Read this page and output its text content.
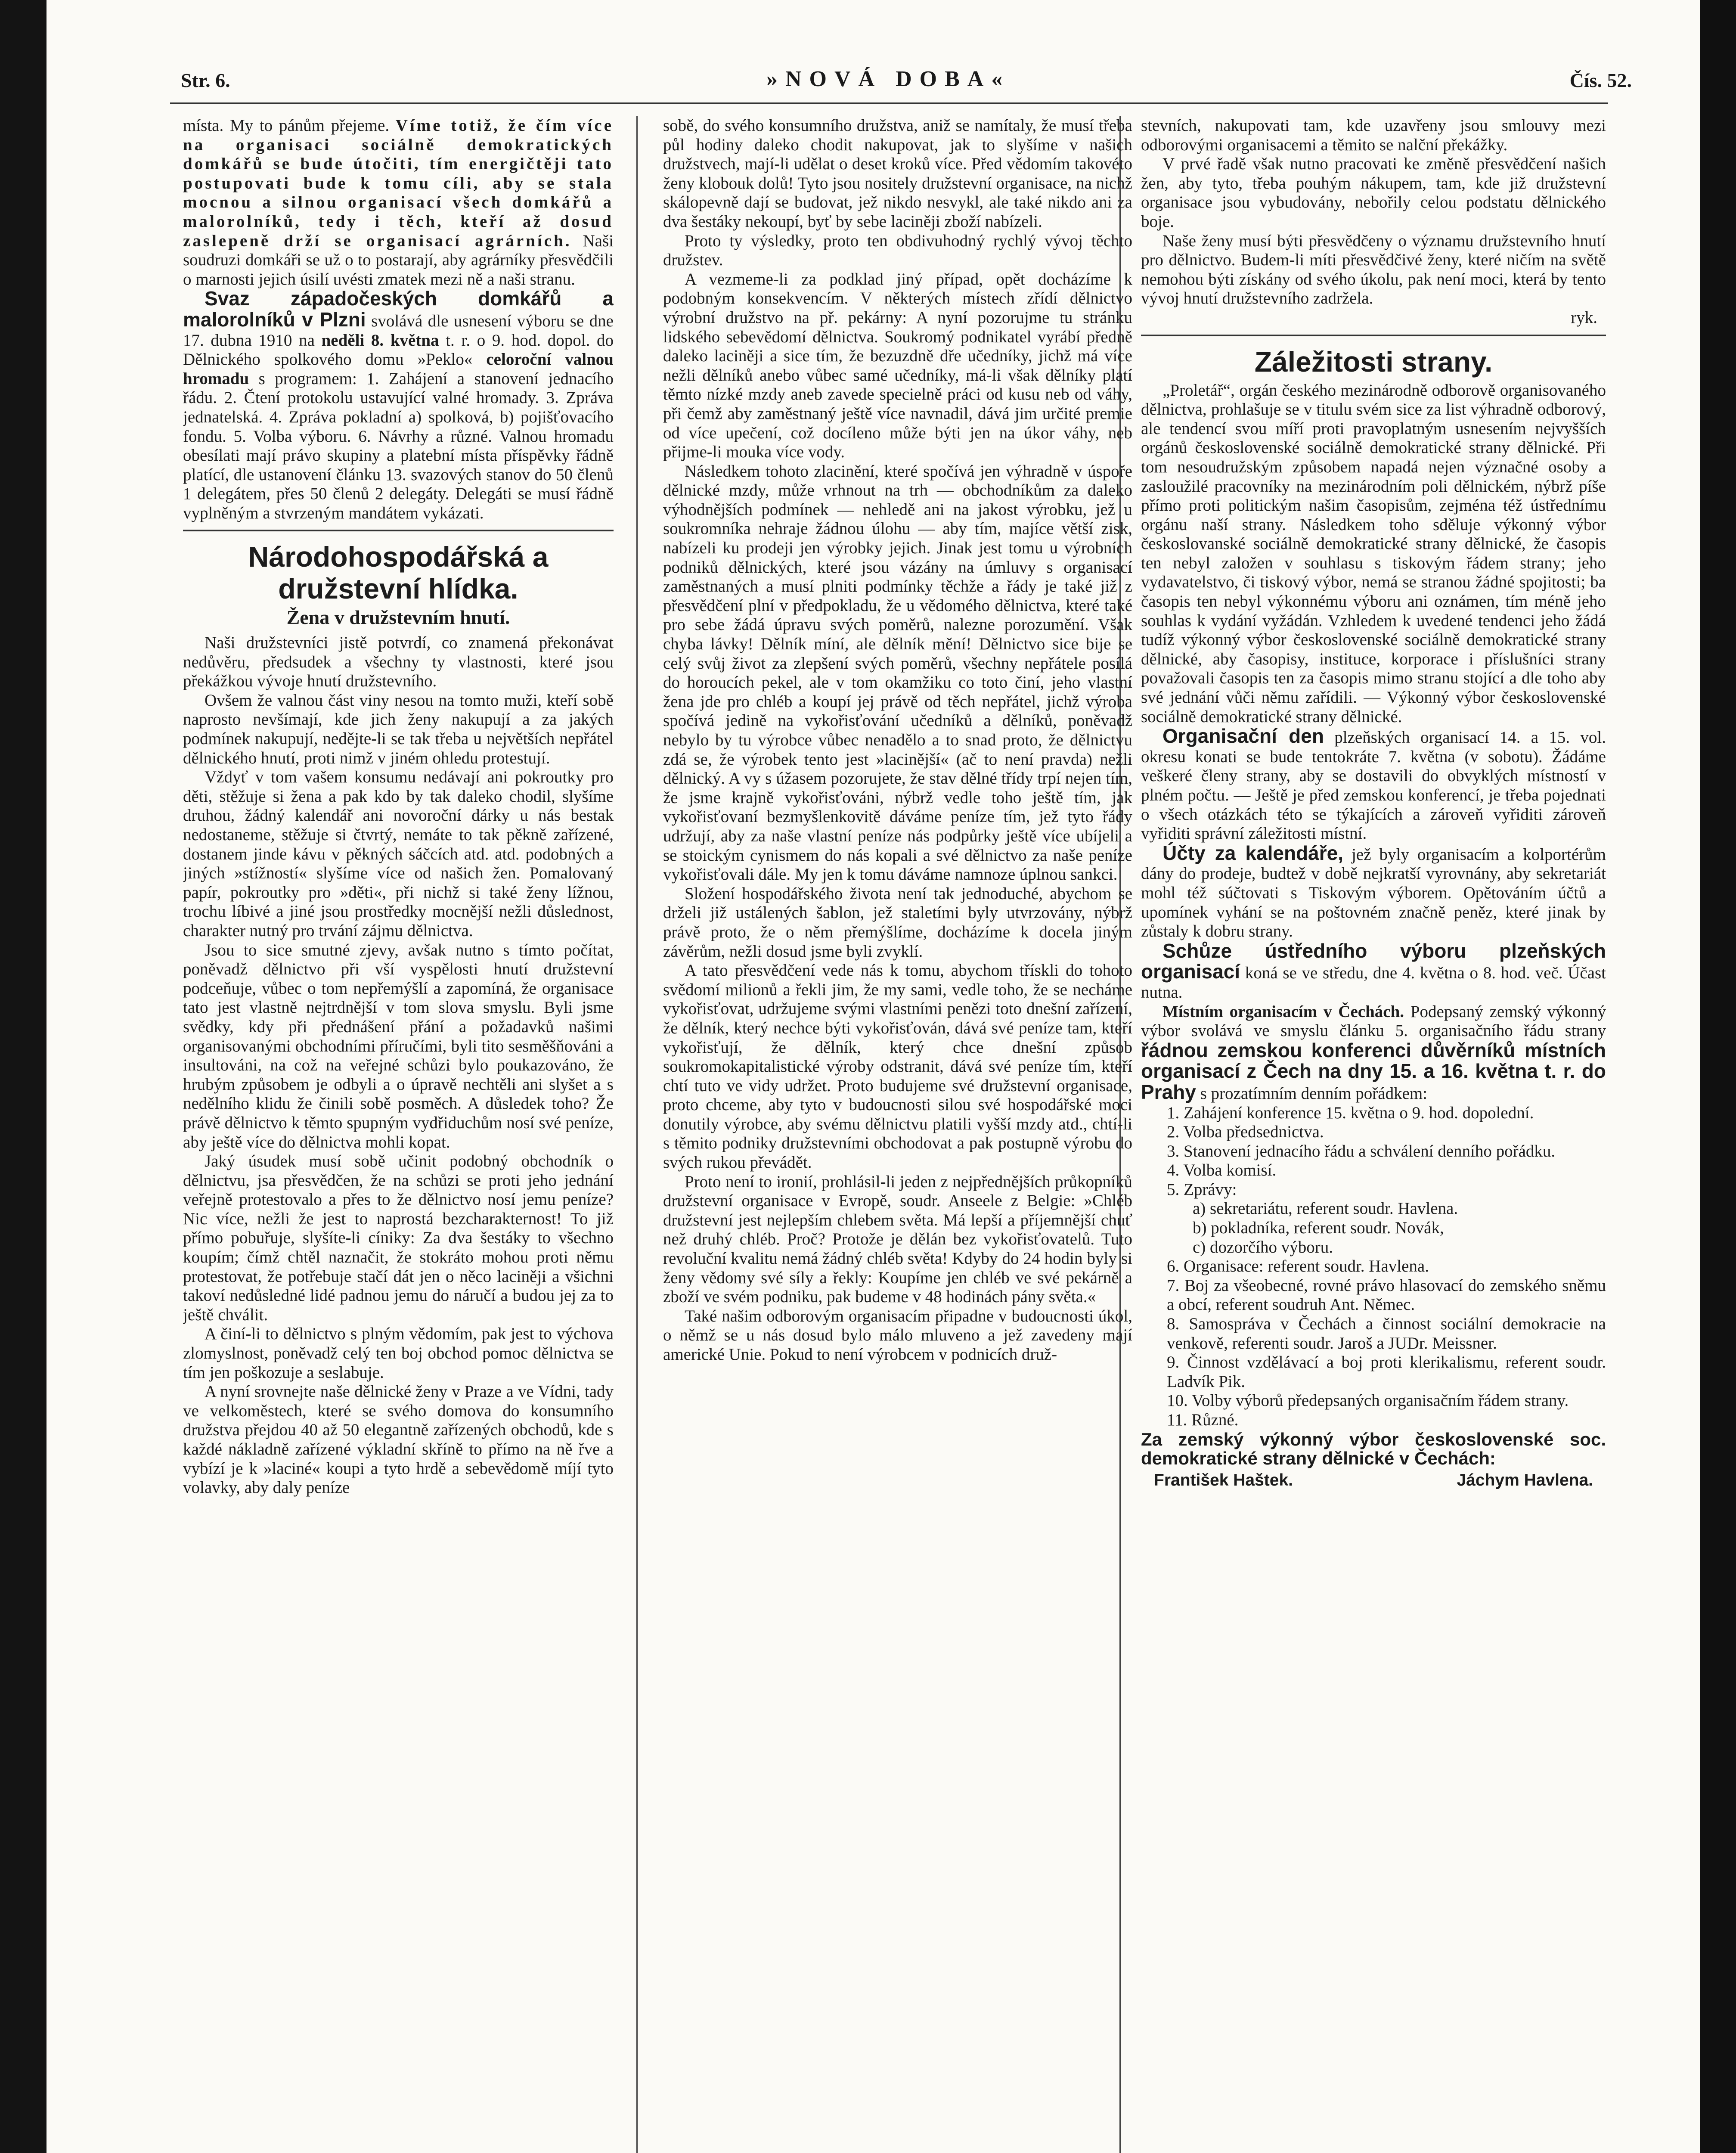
Str. 6.	»NOVÁ DOBA«	Čís. 52.

místa. My to pánům přejeme. Víme totiž, že čím více na organisaci sociálně demokratických domkářů se bude útočiti, tím energičtěji tato postupovati bude k tomu cíli, aby se stala mocnou a silnou organisací všech domkářů a malorolníků, tedy i těch, kteří až dosud zaslepeně drží se organisací agrárních. Naši soudruzi domkáři se už o to postarají, aby agrárníky přesvědčili o marnosti jejich úsilí uvésti zmatek mezi ně a naši stranu.

Svaz západočeských domkářů a malorolníků v Plzni svolává dle usnesení výboru se dne 17. dubna 1910 na neděli 8. května t. r. o 9. hod. dopol. do Dělnického spolkového domu »Peklo« celoroční valnou hromadu s programem: 1. Zahájení a stanovení jednacího řádu. 2. Čtení protokolu ustavující valné hromady. 3. Zpráva jednatelská. 4. Zpráva pokladní a) spolková, b) pojišťovacího fondu. 5. Volba výboru. 6. Návrhy a různé. Valnou hromadu obesílati mají právo skupiny a platební místa příspěvky řádně platící, dle ustanovení článku 13. svazových stanov do 50 členů 1 delegátem, přes 50 členů 2 delegáty. Delegáti se musí řádně vyplněným a stvrzeným mandátem vykázati.

Národohospodářská a družstevní hlídka.
Žena v družstevním hnutí.

Naši družstevníci jistě potvrdí, co znamená překonávat nedůvěru, předsudek a všechny ty vlastnosti, které jsou překážkou vývoje hnutí družstevního.

Ovšem že valnou část viny nesou na tomto muži, kteří sobě naprosto nevšímají, kde jich ženy nakupují a za jakých podmínek nakupují, nedějte-li se tak třeba u největších nepřátel dělnického hnutí, proti nimž v jiném ohledu protestují.

Vždyť v tom vašem konsumu nedávají ani pokroutky pro děti, stěžuje si žena a pak kdo by tak daleko chodil, slyšíme druhou, žádný kalendář ani novoroční dárky u nás bestak nedostaneme, stěžuje si čtvrtý, nemáte to tak pěkně zařízené, dostanem jinde kávu v pěkných sáčcích atd. atd. podobných a jiných »stížností« slyšíme více od našich žen. Pomalovaný papír, pokroutky pro »děti«, při nichž si také ženy lížnou, trochu líbivé a jiné jsou prostředky mocnější nežli důslednost, charakter nutný pro trvání zájmu dělnictva.

Jsou to sice smutné zjevy, avšak nutno s tímto počítat, poněvadž dělnictvo při vší vyspělosti hnutí družstevní podceňuje, vůbec o tom nepřemýšlí a zapomíná, že organisace tato jest vlastně nejtrdnější v tom slova smyslu. Byli jsme svědky, kdy při přednášení přání a požadavků našimi organisovanými obchodními příručími, byli tito sesměšňováni a insultováni, na což na veřejné schůzi bylo poukazováno, že hrubým způsobem je odbyli a o úpravě nechtěli ani slyšet a s nedělního klidu že činili sobě posměch. A důsledek toho? Že právě dělnictvo k těmto spupným vydřiduchům nosí své peníze, aby ještě více do dělnictva mohli kopat.

Jaký úsudek musí sobě učinit podobný obchodník o dělnictvu, jsa přesvědčen, že na schůzi se proti jeho jednání veřejně protestovalo a přes to že dělnictvo nosí jemu peníze? Nic více, nežli že jest to naprostá bezcharakternost! To již přímo pobuřuje, slyšíte-li cíniky: Za dva šestáky to všechno koupím; čímž chtěl naznačit, že stokráto mohou proti němu protestovat, že potřebuje stačí dát jen o něco laciněji a všichni takoví nedůsledné lidé padnou jemu do náručí a budou jej za to ještě chválit.

A činí-li to dělnictvo s plným vědomím, pak jest to výchova zlomyslnost, poněvadž celý ten boj obchod pomoc dělnictva se tím jen poškozuje a seslabuje.

A nyní srovnejte naše dělnické ženy v Praze a ve Vídni, tady ve velkoměstech, které se svého domova do konsumního družstva přejdou 40 až 50 elegantně zařízených obchodů, kde s každé nákladně zařízené výkladní skříně to přímo na ně řve a vybízí je k »laciné« koupi a tyto hrdě a sebevědomě míjí tyto volavky, aby daly peníze

sobě, do svého konsumního družstva, aniž se namítaly, že musí třeba půl hodiny daleko chodit nakupovat, jak to slyšíme v našich družstvech, mají-li udělat o deset kroků více. Před vědomím takovéto ženy klobouk dolů! Tyto jsou nositely družstevní organisace, na nichž skálopevně dají se budovat, jež nikdo nesvykl, ale také nikdo ani za dva šestáky nekoupí, byť by sebe laciněji zboží nabízeli.

Proto ty výsledky, proto ten obdivuhodný rychlý vývoj těchto družstev.

A vezmeme-li za podklad jiný případ, opět docházíme k podobným konsekvencím. V některých místech zřídí dělnictvo výrobní družstvo na př. pekárny: A nyní pozorujme tu stránku lidského sebevědomí dělnictva. Soukromý podnikatel vyrábí předně daleko laciněji a sice tím, že bezuzdně dře učedníky, jichž má více nežli dělníků anebo vůbec samé učedníky, má-li však dělníky platí těmto nízké mzdy aneb zavede specielně práci od kusu neb od váhy, při čemž aby zaměstnaný ještě více navnadil, dává jim určité premie od více upečení, což docíleno může býti jen na úkor váhy, neb přijme-li mouka více vody.

Následkem tohoto zlacinění, které spočívá jen výhradně v úspoře dělnické mzdy, může vrhnout na trh — obchodníkům za daleko výhodnějších podmínek — nehledě ani na jakost výrobku, jež u soukromníka nehraje žádnou úlohu — aby tím, majíce větší zisk, nabízeli ku prodeji jen výrobky jejich. Jinak jest tomu u výrobních podniků dělnických, které jsou vázány na úmluvy s organisací zaměstnaných a musí plniti podmínky těchže a řády je také již z přesvědčení plní v předpokladu, že u vědomého dělnictva, které také pro sebe žádá úpravu svých poměrů, nalezne porozumění. Však chyba lávky! Dělník míní, ale dělník mění! Dělnictvo sice bije se celý svůj život za zlepšení svých poměrů, všechny nepřátele posílá do horoucích pekel, ale v tom okamžiku co toto činí, jeho vlastní žena jde pro chléb a koupí jej právě od těch nepřátel, jichž výroba spočívá jedině na vykořisťování učedníků a dělníků, poněvadž nebylo by tu výrobce vůbec nenadělo a to snad proto, že dělnictvu zdá se, že výrobek tento jest »lacinější« (ač to není pravda) nežli dělnický. A vy s úžasem pozorujete, že stav dělné třídy trpí nejen tím, že jsme krajně vykořisťováni, nýbrž vedle toho ještě tím, jak vykořisťovaní bezmyšlenkovitě dáváme peníze tím, jež tyto řády udržují, aby za naše vlastní peníze nás podpůrky ještě více ubíjeli a se stoickým cynismem do nás kopali a své dělnictvo za naše peníze vykořisťovali dále. My jen k tomu dáváme namnoze úplnou sankci.

Složení hospodářského života není tak jednoduché, abychom se drželi již ustálených šablon, jež staletími byly utvrzovány, nýbrž právě proto, že o něm přemýšlíme, docházíme k docela jiným závěrům, nežli dosud jsme byli zvyklí.

A tato přesvědčení vede nás k tomu, abychom třískli do tohoto svědomí milionů a řekli jim, že my sami, vedle toho, že se necháme vykořisťovat, udržujeme svými vlastními penězi toto dnešní zařízení, že dělník, který nechce býti vykořisťován, dává své peníze tam, kteří vykořisťují, že dělník, který chce dnešní způsob soukromokapitalistické výroby odstranit, dává své peníze tím, kteří chtí tuto ve vidy udržet. Proto budujeme své družstevní organisace, proto chceme, aby tyto v budoucnosti silou své hospodářské moci donutily výrobce, aby svému dělnictvu platili vyšší mzdy atd., chtí-li s těmito podniky družstevními obchodovat a pak postupně výrobu do svých rukou převádět.

Proto není to ironií, prohlásil-li jeden z nejpřednějších průkopníků družstevní organisace v Evropě, soudr. Anseele z Belgie: »Chléb družstevní jest nejlepším chlebem světa. Má lepší a příjemnější chuť než druhý chléb. Proč? Protože je dělán bez vykořisťovatelů. Tuto revoluční kvalitu nemá žádný chléb světa! Kdyby do 24 hodin byly si ženy vědomy své síly a řekly: Koupíme jen chléb ve své pekárně a zboží ve svém podniku, pak budeme v 48 hodinách pány světa.«

Také našim odborovým organisacím připadne v budoucnosti úkol, o němž se u nás dosud bylo málo mluveno a jež zavedeny mají americké Unie. Pokud to není výrobcem v podnicích druž-

stevních, nakupovati tam, kde uzavřeny jsou smlouvy mezi odborovými organisacemi a těmito se nalční překážky.

V prvé řadě však nutno pracovati ke změně přesvědčení našich žen, aby tyto, třeba pouhým nákupem, tam, kde již družstevní organisace jsou vybudovány, nebořily celou podstatu dělnického boje.

Naše ženy musí býti přesvědčeny o významu družstevního hnutí pro dělnictvo. Budem-li míti přesvědčivé ženy, které ničím na světě nemohou býti získány od svého úkolu, pak není moci, která by tento vývoj hnutí družstevního zadržela.

ryk.
Záležitosti strany.

„Proletář“, orgán českého mezinárodně odborově organisovaného dělnictva, prohlašuje se v titulu svém sice za list výhradně odborový, ale tendencí svou míří proti pravoplatným usnesením nejvyšších orgánů československé sociálně demokratické strany dělnické. Při tom nesoudružským způsobem napadá nejen význačné osoby a zasloužilé pracovníky na mezinárodním poli dělnickém, nýbrž píše přímo proti politickým našim časopisům, zejména též ústřednímu orgánu naší strany. Následkem toho sděluje výkonný výbor českoslovanské sociálně demokratické strany dělnické, že časopis ten nebyl založen v souhlasu s tiskovým řádem strany; jeho vydavatelstvo, či tiskový výbor, nemá se stranou žádné spojitosti; ba časopis ten nebyl výkonnému výboru ani oznámen, tím méně jeho souhlas k vydání vyžádán. Vzhledem k uvedené tendenci jeho žádá tudíž výkonný výbor československé sociálně demokratické strany dělnické, aby časopisy, instituce, korporace i příslušníci strany považovali časopis ten za časopis mimo stranu stojící a dle toho aby své jednání vůči němu zařídili. — Výkonný výbor československé sociálně demokratické strany dělnické.

Organisační den plzeňských organisací 14. a 15. vol. okresu konati se bude tentokráte 7. května (v sobotu). Žádáme veškeré členy strany, aby se dostavili do obvyklých místností v plném počtu. — Ještě je před zemskou konferencí, je třeba pojednati o všech otázkách této se týkajících a zároveň vyřiditi zároveň vyřiditi správní záležitosti místní.

Účty za kalendáře, jež byly organisacím a kolportérům dány do prodeje, budtež v době nejkratší vyrovnány, aby sekretariát mohl též súčtovati s Tiskovým výborem. Opětováním účtů a upomínek vyhání se na poštovném značně peněz, které jinak by zůstaly k dobru strany.

Schůze ústředního výboru plzeňských organisací koná se ve středu, dne 4. května o 8. hod. več. Účast nutna.

Místním organisacím v Čechách. Podepsaný zemský výkonný výbor svolává ve smyslu článku 5. organisačního řádu strany řádnou zemskou konferenci důvěrníků místních organisací z Čech na dny 15. a 16. května t. r. do Prahy s prozatímním denním pořádkem:

1. Zahájení konference 15. května o 9. hod. dopolední.

2. Volba předsednictva.

3. Stanovení jednacího řádu a schválení denního pořádku.

4. Volba komisí.

5. Zprávy:

a) sekretariátu, referent soudr. Havlena.

b) pokladníka, referent soudr. Novák,

c) dozorčího výboru.

6. Organisace: referent soudr. Havlena.

7. Boj za všeobecné, rovné právo hlasovací do zemského sněmu a obcí, referent soudruh Ant. Němec.

8. Samospráva v Čechách a činnost sociální demokracie na venkově, referenti soudr. Jaroš a JUDr. Meissner.

9. Činnost vzdělávací a boj proti klerikalismu, referent soudr. Ladvík Pik.

10. Volby výborů předepsaných organisačním řádem strany.

11. Různé.

Za zemský výkonný výbor československé soc. demokratické strany dělnické v Čechách:

František Haštek.	Jáchym Havlena.
